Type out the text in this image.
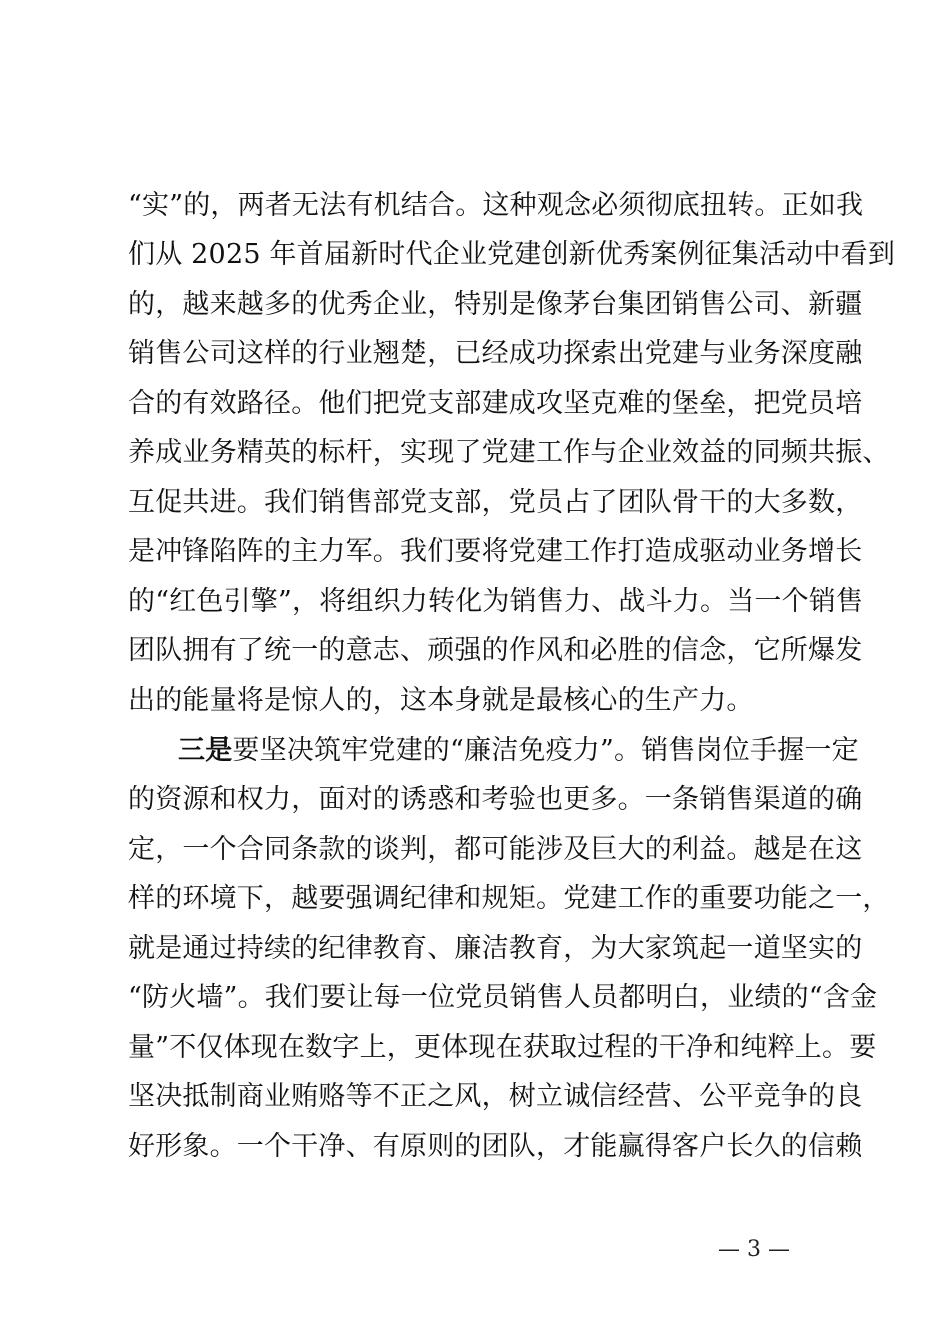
“实”的，两者无法有机结合。这种观念必须彻底扭转。正如我
们从 2025 年首届新时代企业党建创新优秀案例征集活动中看到
的，越来越多的优秀企业，特别是像茅台集团销售公司、新疆
销售公司这样的行业翘楚，已经成功探索出党建与业务深度融
合的有效路径。他们把党支部建成攻坚克难的堡垒，把党员培
养成业务精英的标杆，实现了党建工作与企业效益的同频共振、
互促共进。我们销售部党支部，党员占了团队骨干的大多数，
是冲锋陷阵的主力军。我们要将党建工作打造成驱动业务增长
的“红色引擎”，将组织力转化为销售力、战斗力。当一个销售
团队拥有了统一的意志、顽强的作风和必胜的信念，它所爆发
出的能量将是惊人的，这本身就是最核心的生产力。
三是要坚决筑牢党建的“廉洁免疫力”。销售岗位手握一定
的资源和权力，面对的诱惑和考验也更多。一条销售渠道的确
定，一个合同条款的谈判，都可能涉及巨大的利益。越是在这
样的环境下，越要强调纪律和规矩。党建工作的重要功能之一，
就是通过持续的纪律教育、廉洁教育，为大家筑起一道坚实的
“防火墙”。我们要让每一位党员销售人员都明白，业绩的“含金
量”不仅体现在数字上，更体现在获取过程的干净和纯粹上。要
坚决抵制商业贿赂等不正之风，树立诚信经营、公平竞争的良
好形象。一个干净、有原则的团队，才能赢得客户长久的信赖
— 3 —
